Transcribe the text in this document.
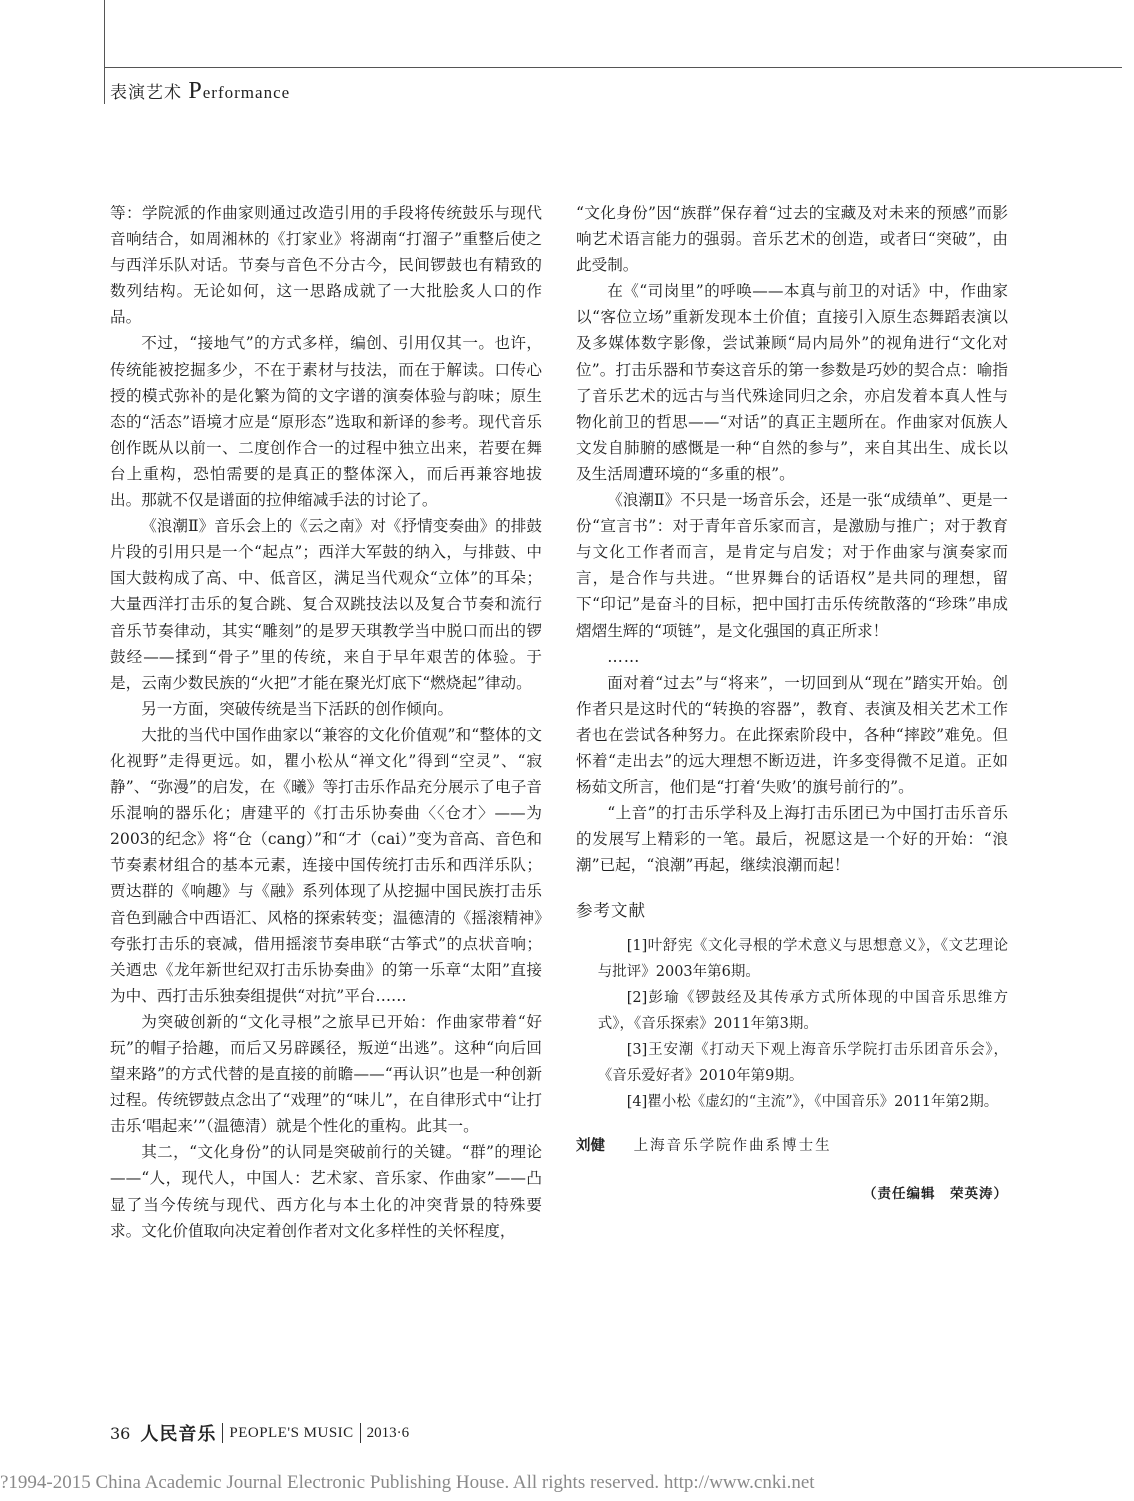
表演艺术 Performance

等：学院派的作曲家则通过改造引用的手段将传统鼓乐与现代音响结合，如周湘林的《打家业》将湖南“打溜子”重整后使之与西洋乐队对话。节奏与音色不分古今，民间锣鼓也有精致的数列结构。无论如何，这一思路成就了一大批脍炙人口的作品。

不过，“接地气”的方式多样，编创、引用仅其一。也许，传统能被挖掘多少，不在于素材与技法，而在于解读。口传心授的模式弥补的是化繁为简的文字谱的演奏体验与韵味；原生态的“活态”语境才应是“原形态”选取和新译的参考。现代音乐创作既从以前一、二度创作合一的过程中独立出来，若要在舞台上重构，恐怕需要的是真正的整体深入，而后再兼容地拔出。那就不仅是谱面的拉伸缩减手法的讨论了。

《浪潮Ⅱ》音乐会上的《云之南》对《抒情变奏曲》的排鼓片段的引用只是一个“起点”；西洋大军鼓的纳入，与排鼓、中国大鼓构成了高、中、低音区，满足当代观众“立体”的耳朵；大量西洋打击乐的复合跳、复合双跳技法以及复合节奏和流行音乐节奏律动，其实“雕刻”的是罗天琪教学当中脱口而出的锣鼓经——揉到“骨子”里的传统，来自于早年艰苦的体验。于是，云南少数民族的“火把”才能在聚光灯底下“燃烧起”律动。

另一方面，突破传统是当下活跃的创作倾向。

大批的当代中国作曲家以“兼容的文化价值观”和“整体的文化视野”走得更远。如，瞿小松从“禅文化”得到“空灵”、“寂静”、“弥漫”的启发，在《曦》等打击乐作品充分展示了电子音乐混响的器乐化；唐建平的《打击乐协奏曲〈〈仓才〉——为2003的纪念》将“仓（cang）”和“才（cai）”变为音高、音色和节奏素材组合的基本元素，连接中国传统打击乐和西洋乐队；贾达群的《响趣》与《融》系列体现了从挖掘中国民族打击乐音色到融合中西语汇、风格的探索转变；温德清的《摇滚精神》夸张打击乐的衰减，借用摇滚节奏串联“古筝式”的点状音响；关迺忠《龙年新世纪双打击乐协奏曲》的第一乐章“太阳”直接为中、西打击乐独奏组提供“对抗”平台……

为突破创新的“文化寻根”之旅早已开始：作曲家带着“好玩”的帽子拾趣，而后又另辟蹊径，叛逆“出逃”。这种“向后回望来路”的方式代替的是直接的前瞻——“再认识”也是一种创新过程。传统锣鼓点念出了“戏理”的“味儿”，在自律形式中“让打击乐‘唱起来’”（温德清）就是个性化的重构。此其一。

其二，“文化身份”的认同是突破前行的关键。“群”的理论——“人，现代人，中国人：艺术家、音乐家、作曲家”——凸显了当今传统与现代、西方化与本土化的冲突背景的特殊要求。文化价值取向决定着创作者对文化多样性的关怀程度，

“文化身份”因“族群”保存着“过去的宝藏及对未来的预感”而影响艺术语言能力的强弱。音乐艺术的创造，或者曰“突破”，由此受制。

在《“司岗里”的呼唤——本真与前卫的对话》中，作曲家以“客位立场”重新发现本土价值；直接引入原生态舞蹈表演以及多媒体数字影像，尝试兼顾“局内局外”的视角进行“文化对位”。打击乐器和节奏这音乐的第一参数是巧妙的契合点：喻指了音乐艺术的远古与当代殊途同归之余，亦启发着本真人性与物化前卫的哲思——“对话”的真正主题所在。作曲家对佤族人文发自肺腑的感慨是一种“自然的参与”，来自其出生、成长以及生活周遭环境的“多重的根”。

《浪潮Ⅱ》不只是一场音乐会，还是一张“成绩单”、更是一份“宣言书”：对于青年音乐家而言，是激励与推广；对于教育与文化工作者而言，是肯定与启发；对于作曲家与演奏家而言，是合作与共进。“世界舞台的话语权”是共同的理想，留下“印记”是奋斗的目标，把中国打击乐传统散落的“珍珠”串成熠熠生辉的“项链”，是文化强国的真正所求！

……

面对着“过去”与“将来”，一切回到从“现在”踏实开始。创作者只是这时代的“转换的容器”，教育、表演及相关艺术工作者也在尝试各种努力。在此探索阶段中，各种“摔跤”难免。但怀着“走出去”的远大理想不断迈进，许多变得微不足道。正如杨茹文所言，他们是“打着‘失败’的旗号前行的”。

“上音”的打击乐学科及上海打击乐团已为中国打击乐音乐的发展写上精彩的一笔。最后，祝愿这是一个好的开始：“浪潮”已起，“浪潮”再起，继续浪潮而起！

参考文献

[1]叶舒宪《文化寻根的学术意义与思想意义》，《文艺理论与批评》2003年第6期。

[2]彭瑜《锣鼓经及其传承方式所体现的中国音乐思维方式》，《音乐探索》2011年第3期。

[3]王安潮《打动天下观上海音乐学院打击乐团音乐会》，《音乐爱好者》2010年第9期。

[4]瞿小松《虚幻的“主流”》，《中国音乐》2011年第2期。

刘健 上海音乐学院作曲系博士生
（责任编辑　荣英涛）
36 人民音乐 PEOPLE'S MUSIC 2013·6
?1994-2015 China Academic Journal Electronic Publishing House. All rights reserved. http://www.cnki.net
